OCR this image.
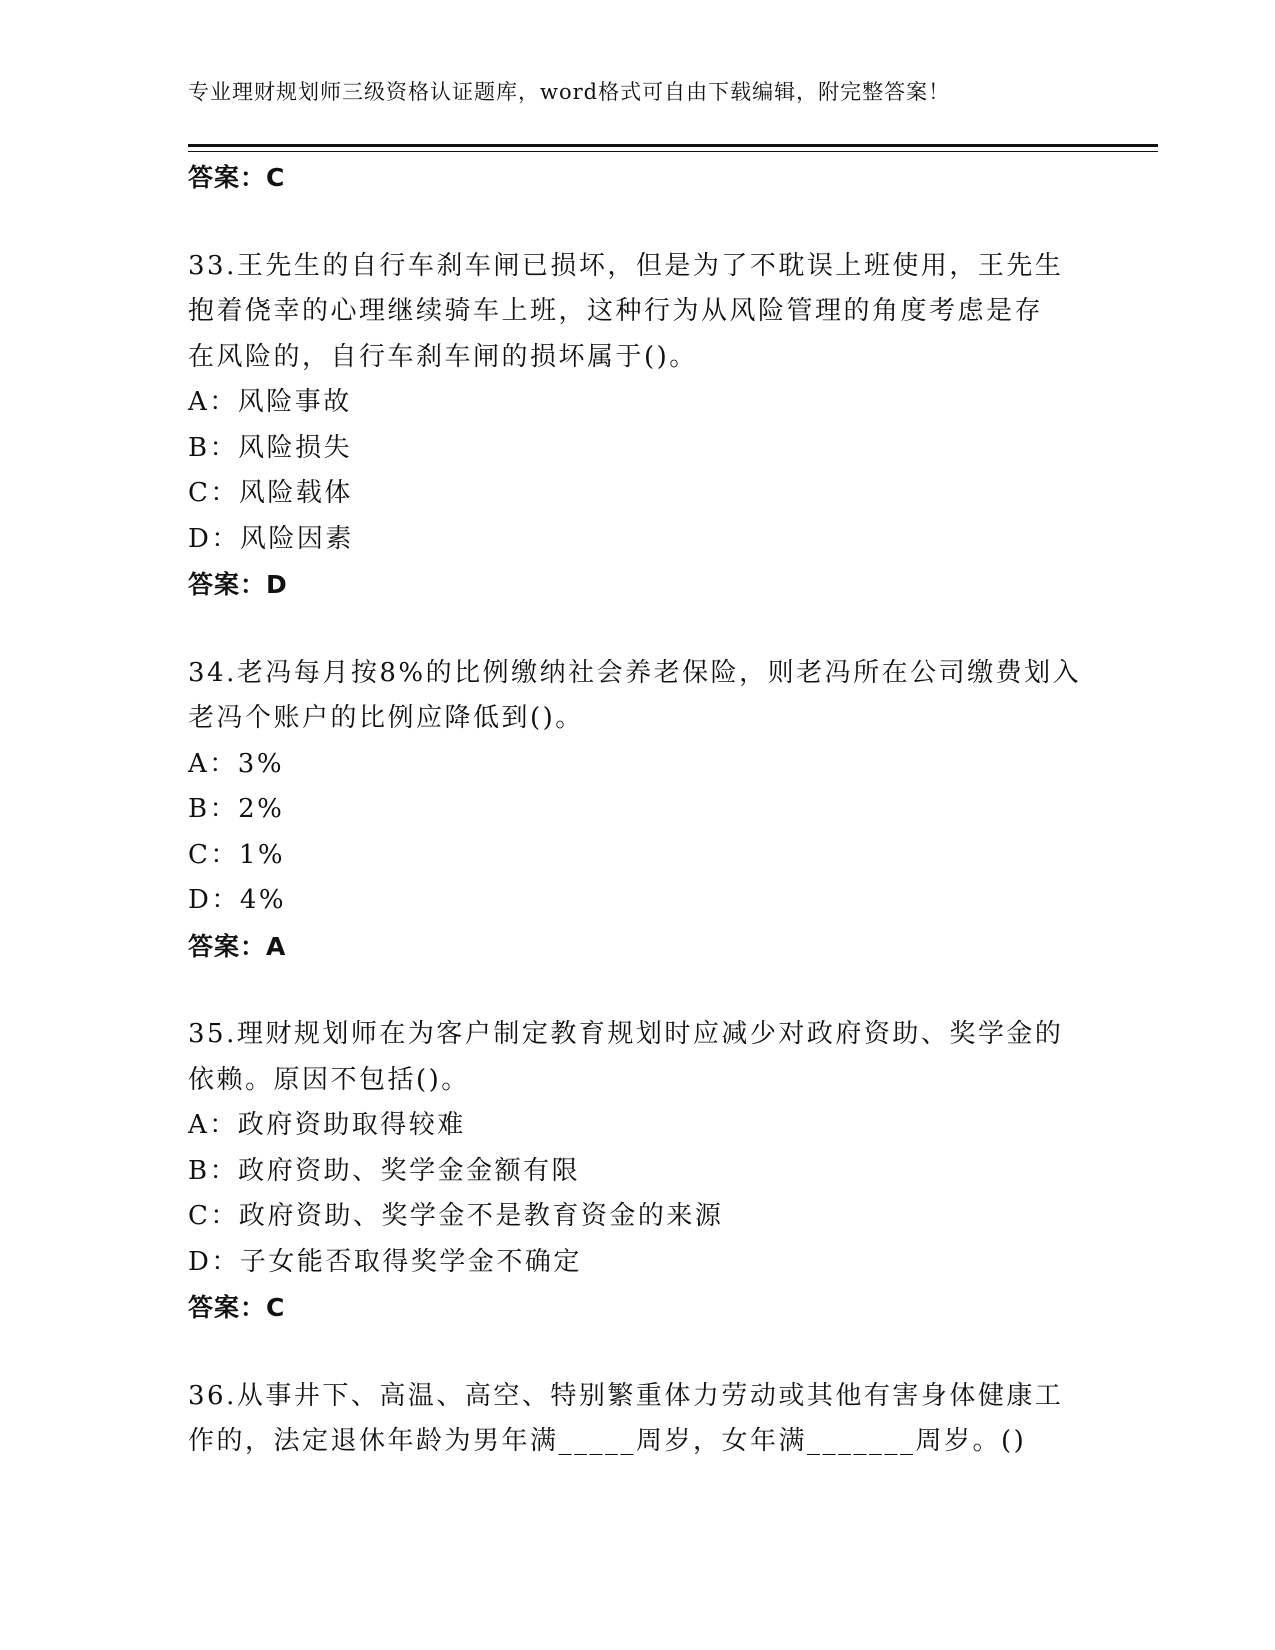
专业理财规划师三级资格认证题库，word格式可自由下载编辑，附完整答案！
答案：C
33.王先生的自行车刹车闸已损坏，但是为了不耽误上班使用，王先生
抱着侥幸的心理继续骑车上班，这种行为从风险管理的角度考虑是存
在风险的，自行车刹车闸的损坏属于()。
A：风险事故
B：风险损失
C：风险载体
D：风险因素
答案：D
34.老冯每月按8%的比例缴纳社会养老保险，则老冯所在公司缴费划入
老冯个账户的比例应降低到()。
A：3%
B：2%
C：1%
D：4%
答案：A
35.理财规划师在为客户制定教育规划时应减少对政府资助、奖学金的
依赖。原因不包括()。
A：政府资助取得较难
B：政府资助、奖学金金额有限
C：政府资助、奖学金不是教育资金的来源
D：子女能否取得奖学金不确定
答案：C
36.从事井下、高温、高空、特别繁重体力劳动或其他有害身体健康工
作的，法定退休年龄为男年满_____周岁，女年满_______周岁。()
